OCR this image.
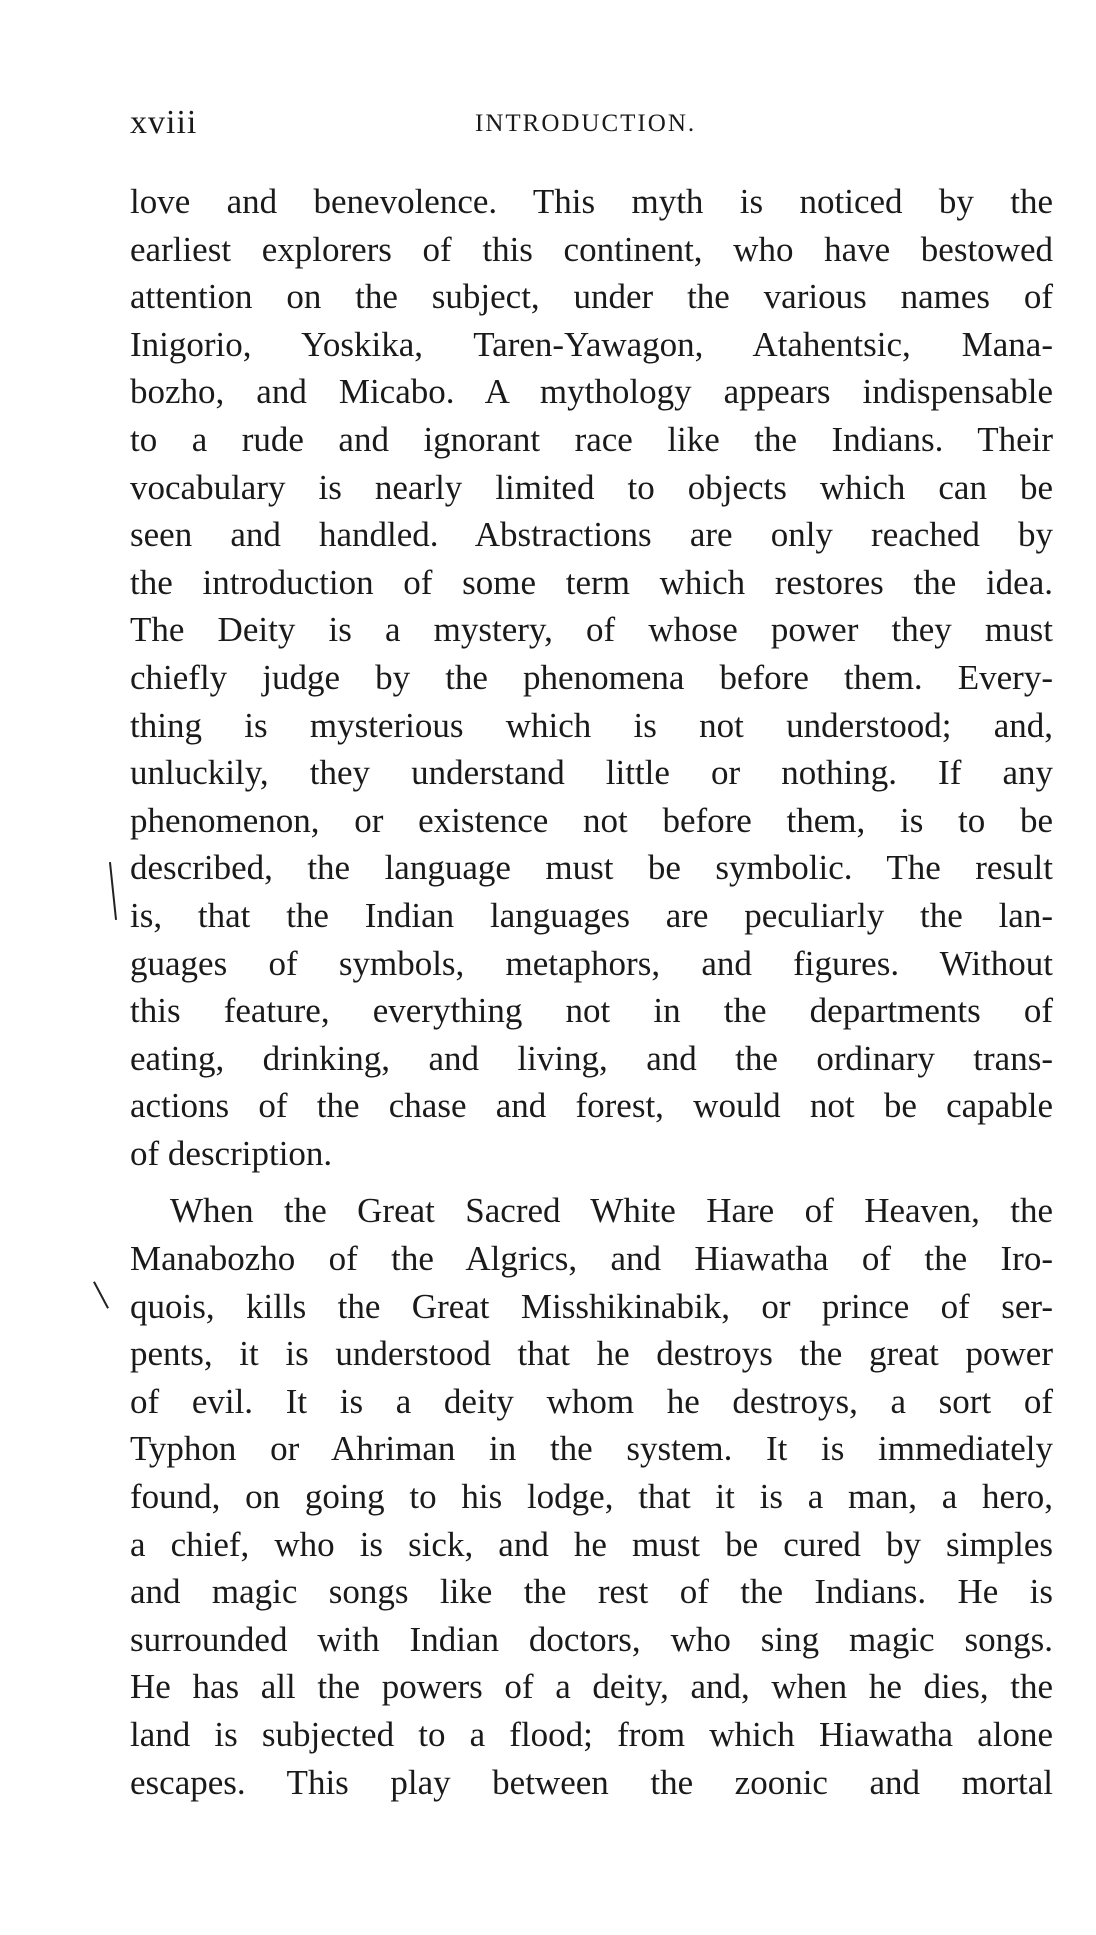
xviii	INTRODUCTION.
love and benevolence. This myth is noticed by the
earliest explorers of this continent, who have bestowed
attention on the subject, under the various names of
Inigorio, Yoskika, Taren-Yawagon, Atahentsic, Mana-
bozho, and Micabo. A mythology appears indispensable
to a rude and ignorant race like the Indians. Their
vocabulary is nearly limited to objects which can be
seen and handled. Abstractions are only reached by
the introduction of some term which restores the idea.
The Deity is a mystery, of whose power they must
chiefly judge by the phenomena before them. Every-
thing is mysterious which is not understood; and,
unluckily, they understand little or nothing. If any
phenomenon, or existence not before them, is to be
described, the language must be symbolic. The result
is, that the Indian languages are peculiarly the lan-
guages of symbols, metaphors, and figures. Without
this feature, everything not in the departments of
eating, drinking, and living, and the ordinary trans-
actions of the chase and forest, would not be capable
of description.
When the Great Sacred White Hare of Heaven, the
Manabozho of the Algrics, and Hiawatha of the Iro-
quois, kills the Great Misshikinabik, or prince of ser-
pents, it is understood that he destroys the great power
of evil. It is a deity whom he destroys, a sort of
Typhon or Ahriman in the system. It is immediately
found, on going to his lodge, that it is a man, a hero,
a chief, who is sick, and he must be cured by simples
and magic songs like the rest of the Indians. He is
surrounded with Indian doctors, who sing magic songs.
He has all the powers of a deity, and, when he dies, the
land is subjected to a flood; from which Hiawatha alone
escapes. This play between the zoonic and mortal
